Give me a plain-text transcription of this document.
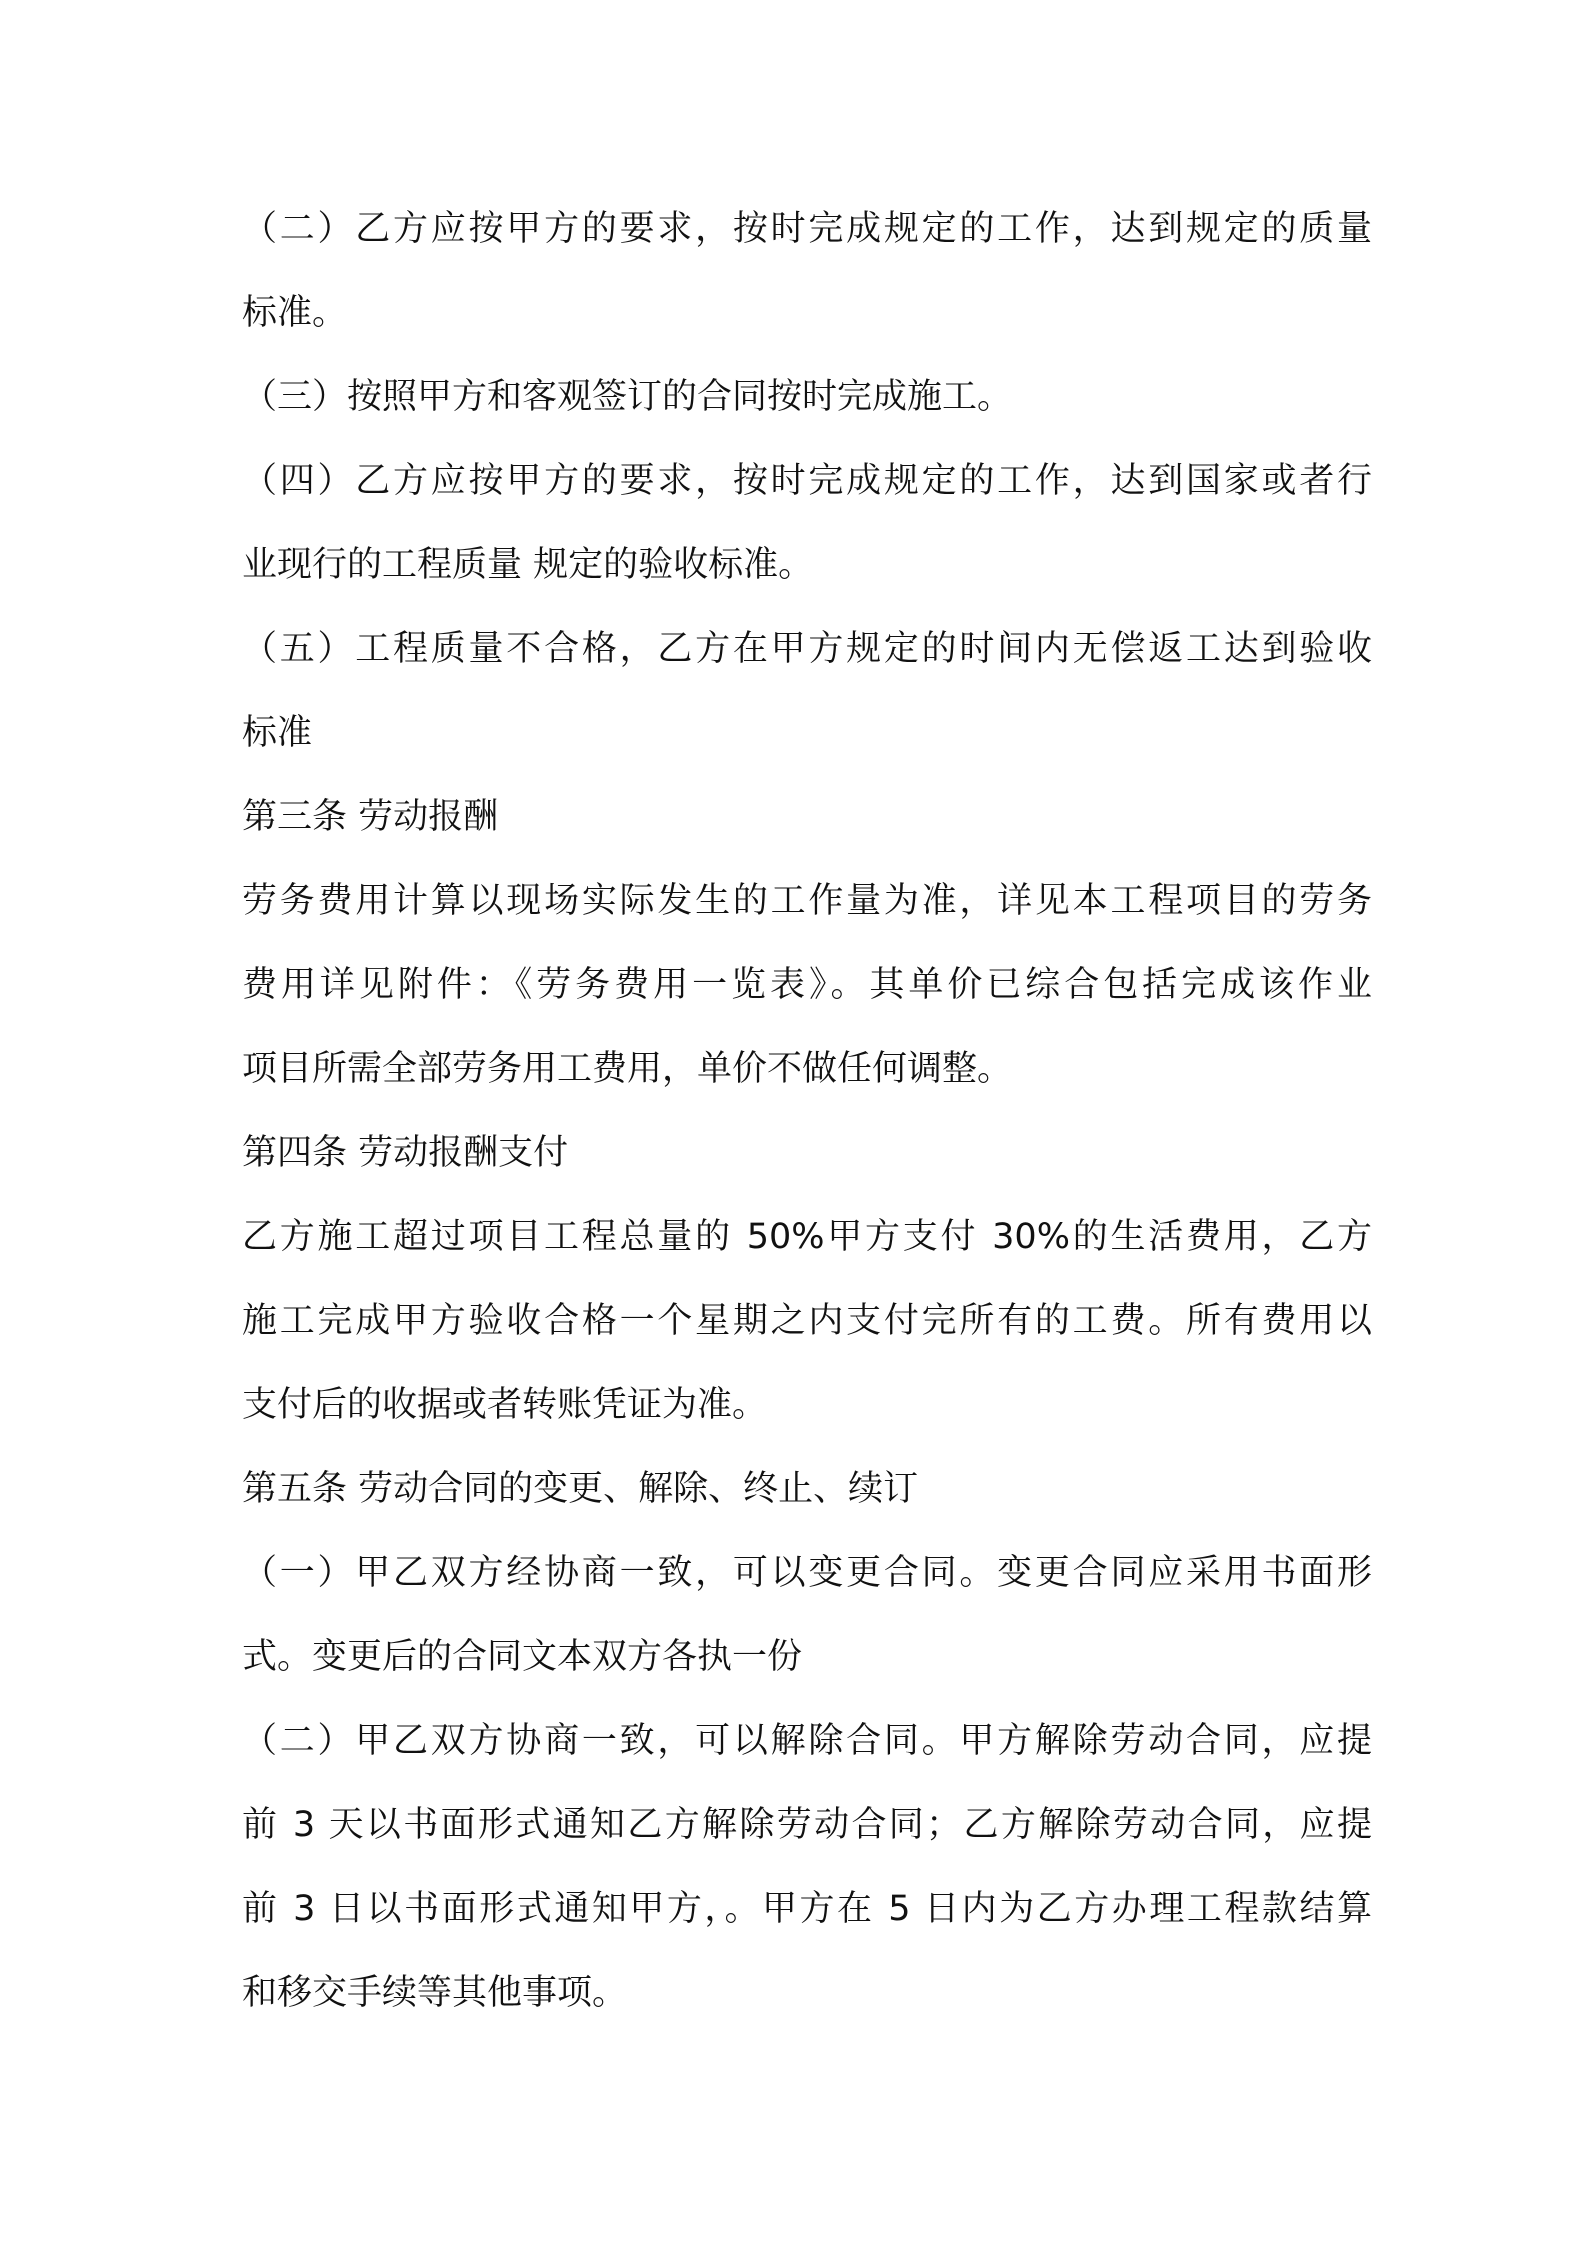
（二）乙方应按甲方的要求，按时完成规定的工作，达到规定的质量
标准。
（三）按照甲方和客观签订的合同按时完成施工。
（四）乙方应按甲方的要求，按时完成规定的工作，达到国家或者行
业现行的工程质量 规定的验收标准。
（五）工程质量不合格，乙方在甲方规定的时间内无偿返工达到验收
标准
第三条 劳动报酬
劳务费用计算以现场实际发生的工作量为准，详见本工程项目的劳务
费用详见附件：《劳务费用一览表》。其单价已综合包括完成该作业
项目所需全部劳务用工费用，单价不做任何调整。
第四条 劳动报酬支付
乙方施工超过项目工程总量的 50%甲方支付 30%的生活费用，乙方
施工完成甲方验收合格一个星期之内支付完所有的工费。所有费用以
支付后的收据或者转账凭证为准。
第五条 劳动合同的变更、解除、终止、续订
（一）甲乙双方经协商一致，可以变更合同。变更合同应采用书面形
式。变更后的合同文本双方各执一份
（二）甲乙双方协商一致，可以解除合同。甲方解除劳动合同，应提
前 3 天以书面形式通知乙方解除劳动合同；乙方解除劳动合同，应提
前 3 日以书面形式通知甲方，。甲方在 5 日内为乙方办理工程款结算
和移交手续等其他事项。
